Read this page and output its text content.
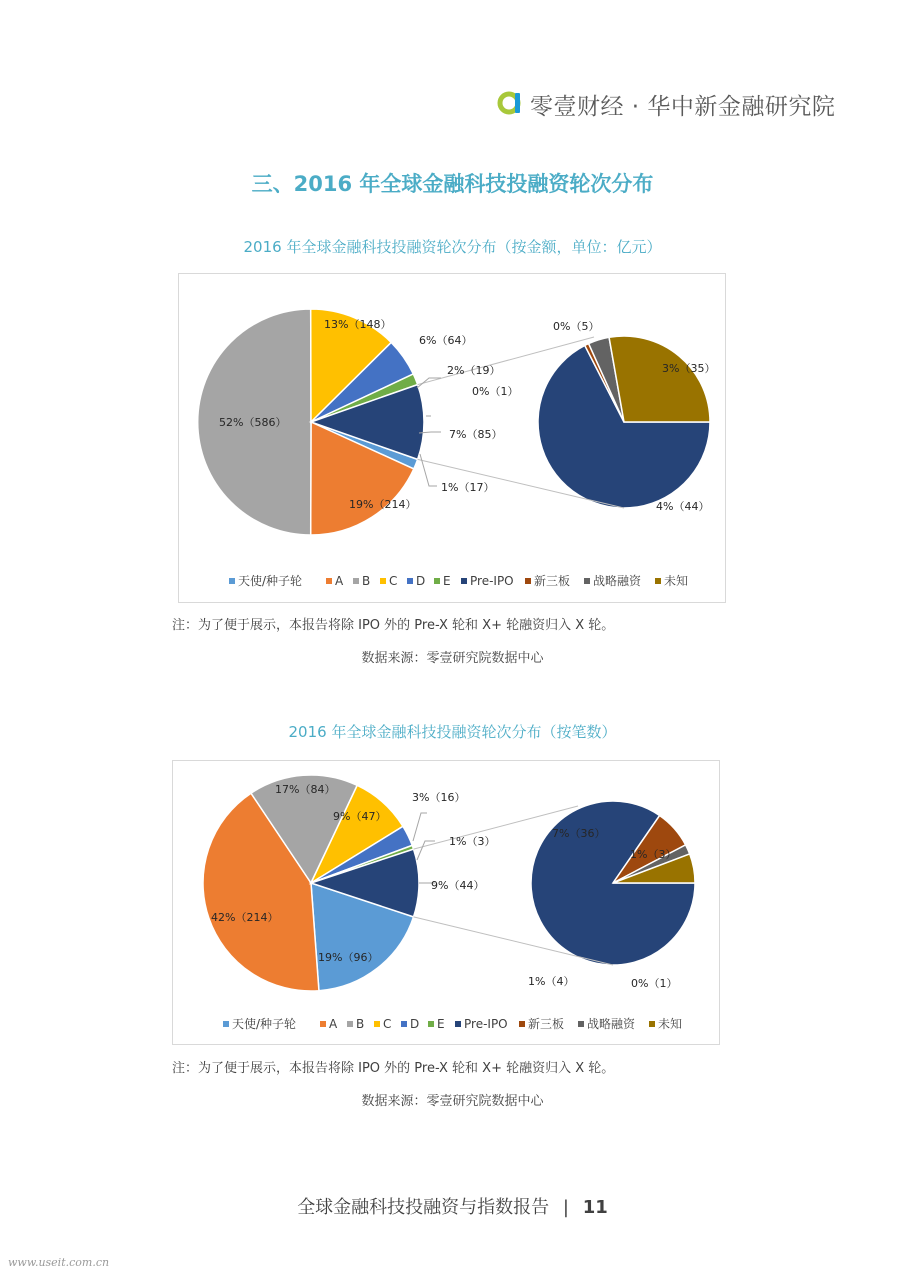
零壹财经 · 华中新金融研究院
三、2016 年全球金融科技投融资轮次分布
2016 年全球金融科技投融资轮次分布（按金额，单位：亿元）
1%（17）
19%（214）
52%（586）
13%（148）
6%（64）
2%（19）
7%（85）
0%（1）
0%（5）
3%（35）
4%（44）
天使/种子轮	A B C D E Pre-IPO 新三板 战略融资 未知
注：为了便于展示，本报告将除 IPO 外的 Pre-X 轮和 X+ 轮融资归入 X 轮。
数据来源：零壹研究院数据中心
2016 年全球金融科技投融资轮次分布（按笔数）
19%（96）
42%（214）
17%（84）
9%（47）
3%（16）
1%（3）
9%（44）
1%（4）	0%（1）
1%（3）
7%（36）
天使/种子轮	A B C D E Pre-IPO 新三板 战略融资 未知
注：为了便于展示，本报告将除 IPO 外的 Pre-X 轮和 X+ 轮融资归入 X 轮。
数据来源：零壹研究院数据中心
全球金融科技投融资与指数报告 | 11
www.useit.com.cn
